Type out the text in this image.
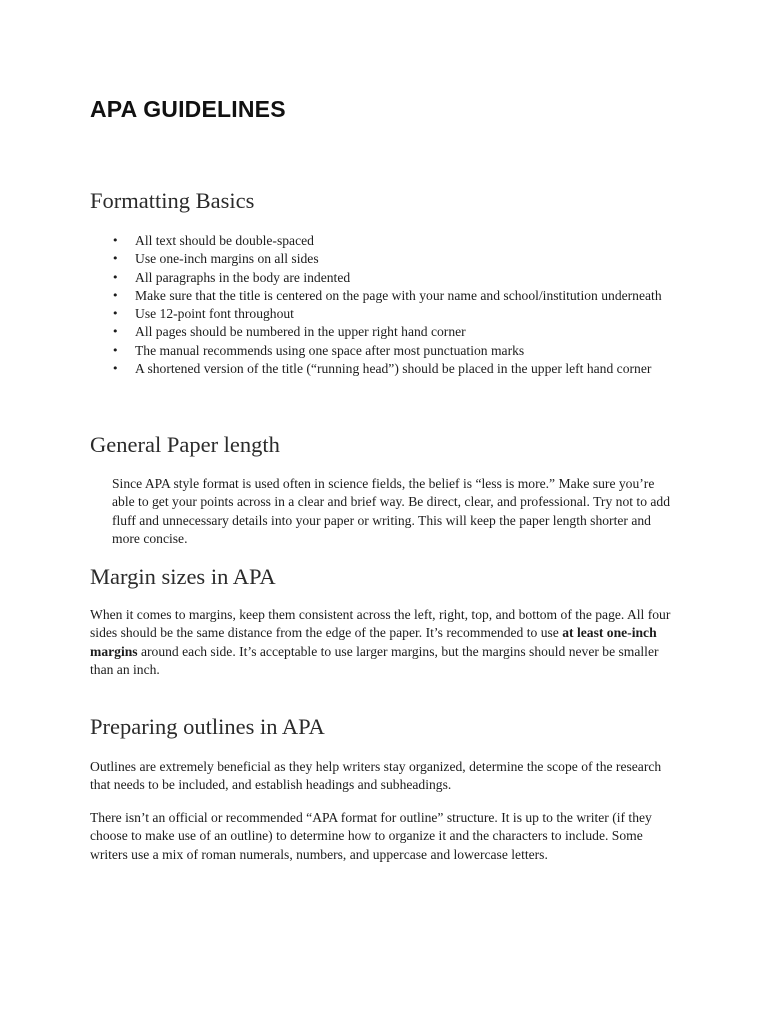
APA GUIDELINES
Formatting Basics
• All text should be double-spaced
• Use one-inch margins on all sides
• All paragraphs in the body are indented
• Make sure that the title is centered on the page with your name and school/institution underneath
• Use 12-point font throughout
• All pages should be numbered in the upper right hand corner
• The manual recommends using one space after most punctuation marks
• A shortened version of the title (“running head”) should be placed in the upper left hand corner
General Paper length

Since APA style format is used often in science fields, the belief is “less is more.” Make sure you’re able to get your points across in a clear and brief way. Be direct, clear, and professional. Try not to add fluff and unnecessary details into your paper or writing. This will keep the paper length shorter and more concise.

Margin sizes in APA

When it comes to margins, keep them consistent across the left, right, top, and bottom of the page. All four sides should be the same distance from the edge of the paper. It’s recommended to use at least one-inch margins around each side. It’s acceptable to use larger margins, but the margins should never be smaller than an inch.

Preparing outlines in APA

Outlines are extremely beneficial as they help writers stay organized, determine the scope of the research that needs to be included, and establish headings and subheadings.

There isn’t an official or recommended “APA format for outline” structure. It is up to the writer (if they choose to make use of an outline) to determine how to organize it and the characters to include. Some writers use a mix of roman numerals, numbers, and uppercase and lowercase letters.
